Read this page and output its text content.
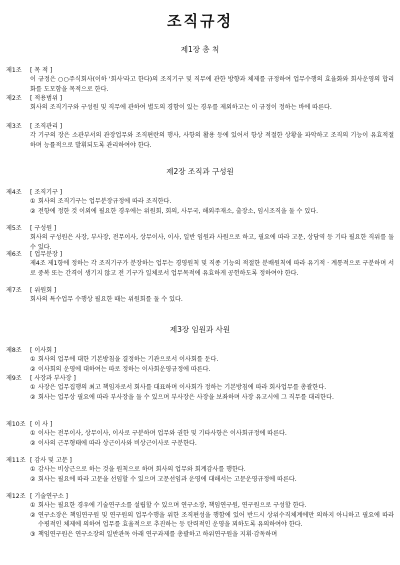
조직규정
제1장 총 칙
제1조	[ 목 적 ]
이 규정은 ○○주식회사(이하 '회사'라고 한다)의 조직기구 및 직무에 관한 방향과 체제를 규정하여 업무수행의 효율화와 회사운영의 합리화를 도모함을 목적으로 한다.
제2조	[ 적용범위 ]
회사의 조직기구와 구성원 및 직무에 관하여 별도의 경함이 있는 경우를 제외하고는 이 규정이 정하는 바에 따른다.
제3조	[ 조직관리 ]
각 기구의 장은 소관부서의 관장업무와 조직편란의 행사, 사항의 활용 등에 있어서 항상 적절한 상황을 파악하고 조직의 기능이 유효적절하며 능률적으로 발휘되도록 관리하여야 한다.
제2장 조직과 구성원
제4조	[ 조직기구 ]
① 회사의 조직기구는 업무분장규정에 따라 조직한다.
② 전항에 정한 것 이외에 필요한 경우에는 위원회, 회의, 사무국, 해외주재소, 출장소, 임시조직을 둘 수 있다.
제5조	[ 구성원 ]
회사의 구성원은 사장, 부사장, 전무이사, 상무이사, 이사, 일반 임원과 사원으로 하고, 필요에 따라 고문, 상담역 등 기타 필요한 직위를 둘 수 있다.
제6조	[ 업무분장 ]
제4조 제1항에 정하는 각 조직기구가 분장하는 업무는 경영원칙 및 직종 기능의 적절한 분배원칙에 따라 유기적 · 계통적으로 구분하며 서로 중복 또는 간격이 생기지 않고 전 기구가 일체로서 업무목적에 유효하게 공헌하도록 정하여야 한다.
제7조	[ 위원회 ]
회사의 특수업무 수행상 필요한 때는 위원회를 둘 수 있다.
제3장 임원과 사원
제8조	[ 이사회 ]
① 회사의 업무에 대한 기본방침을 결정하는 기관으로서 이사회를 둔다.
② 이사회의 운영에 대하여는 따로 정하는 이사회운영규정에 따른다.
제9조	[ 사장과 부사장 ]
① 사장은 업무집행의 최고 책임자로서 회사를 대표하며 이사회가 정하는 기본방침에 따라 회사업무를 총괄한다.
② 회사는 업무상 필요에 따라 부사장을 둘 수 있으며 부사장은 사장을 보좌하며 사장 유고시에 그 직무를 대리한다.
제10조 [ 이 사 ]
① 이사는 전무이사, 상무이사, 이사로 구분하며 업무와 권한 및 기타사항은 이사회규정에 따른다.
② 이사의 근무형태에 따라 상근이사와 비상근이사로 구분한다.
제11조 [ 감사 및 고문 ]
① 감사는 비상근으로 하는 것을 원칙으로 하며 회사의 업무와 회계감사를 행한다.
② 회사는 필요에 따라 고문을 선임할 수 있으며 고문선임과 운영에 대해서는 고문운영규정에 따른다.
제12조 [ 기술연구소 ]
① 회사는 필요한 경우에 기술연구소를 설립할 수 있으며 연구소장, 책임연구원, 연구원으로 구성할 한다.
② 연구소장은 책임연구원 및 연구원의 업무수행을 위한 조직편성을 행함에 있어 반드시 상위수직체계에만 의하지 아니하고 필요에 따라 수평적인 체제에 의하여 업무를 효율적으로 추진하는 등 탄력적인 운영을 꾀하도록 유의하여야 한다.
③ 책임연구원은 연구소장의 일반관독 아래 연구과제를 총괄하고 하위연구원을 지휘·감독하며
